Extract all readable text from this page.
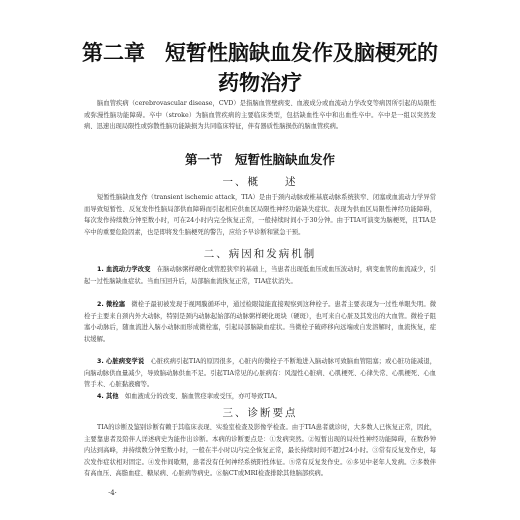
第二章 短暂性脑缺血发作及脑梗死的
药物治疗

脑血管疾病（cerebrovascular disease，CVD）是指脑血管壁病变、血液成分或血流动力学改变等病因所引起的局限性或弥漫性脑功能障碍。卒中（stroke）为脑血管疾病的主要临床类型，包括缺血性卒中和出血性卒中。卒中是一组以突然发病、迅速出现局限性或弥散性脑功能缺损为共同临床特征，伴有器质性脑损伤的脑血管疾病。

第一节　短暂性脑缺血发作
一、概　　述

短暂性脑缺血发作（transient ischemic attack，TIA）是由于颈内动脉或椎基底动脉系统狭窄、闭塞或血流动力学异常而导致短暂性、反复发作性脑局部供血障碍而引起相应供血区局限性神经功能缺失症状。表现为供血区局限性神经功能障碍，每次发作持续数分钟至数小时，可在24小时内完全恢复正常，一般持续时间小于30分钟。由于TIA可演变为脑梗死，且TIA是卒中的重要危险因素，也是即将发生脑梗死的警告，应给予早诊断和紧急干预。

二、病因和发病机制

1. 血流动力学改变　 在脑动脉粥样硬化或管腔狭窄的基础上，当患者出现低血压或血压波动时，病变血管的血流减少，引起一过性脑缺血症状。当血压回升后，局部脑血流恢复正常，TIA症状消失。

2. 微栓塞　 微栓子最初被发现于视网膜循环中，通过检眼镜能直接观察到这种栓子。患者主要表现为一过性单眼失明。微栓子主要来自颈内外大动脉，特别是颈内动脉起始部的动脉粥样硬化斑块（硬斑），也可来自心脏及其发出的大血管。微栓子阻塞小动脉后，随血流进入脑小动脉而形成微栓塞，引起局部脑缺血症状。当微栓子破碎移向远端或自发溶解时，血流恢复，症状缓解。

3. 心脏病变学说　 心脏疾病引起TIA的原因很多，心脏内的微栓子不断地进入脑动脉可致脑血管阻塞；或心脏功能减退，向脑动脉供血量减少，导致脑动脉供血不足。引起TIA常见的心脏病有：风湿性心脏病、心肌梗死、心律失常、心肌梗死、心血管手术、心脏黏液瘤等。

4. 其他　 如血液成分的改变、脑血管痉挛或受压，亦可导致TIA。

三、诊断要点

TIA的诊断及鉴别诊断有赖于其临床表现、实验室检查及影像学检查。由于TIA患者就诊时，大多数人已恢复正常，因此，主要靠患者及陪伴人详述病史为能作出诊断。本病的诊断要点是：①发病突然。②短暂出现的局灶性神经功能障碍，在数秒钟内达到高峰，并持续数分钟至数小时，一般在半小时以内完全恢复正常，最长持续时间不超过24小时。③常有反复发作史，每次发作症状相对固定。④发作间歇期，患者没有任何神经系统阳性体征。⑤常有反复发作史。⑥多见中老年人发病。⑦多数伴有高血压、高脂血症、糖尿病、心脏病等病史。⑧脑CT或MRI检查排除其他脑部疾病。

·4·
